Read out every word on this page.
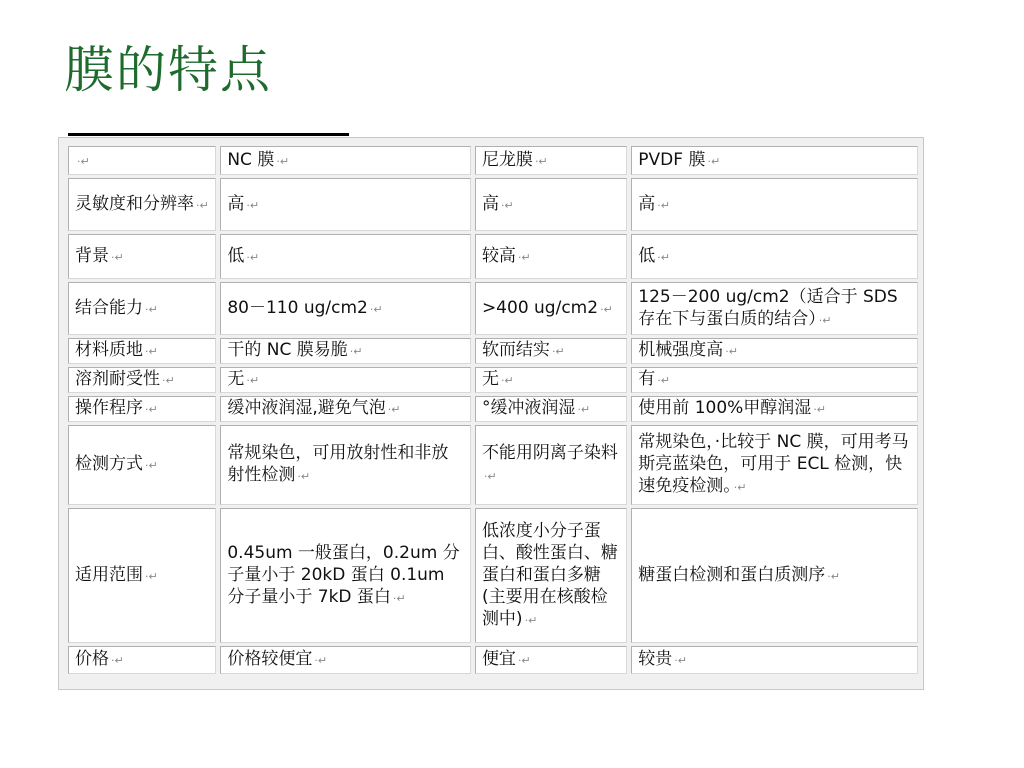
膜的特点
·↵	NC 膜 ·↵	尼龙膜 ·↵	PVDF 膜 ·↵
灵敏度和分辨率 ·↵	高 ·↵	高 ·↵	高 ·↵
背景 ·↵	低 ·↵	较高 ·↵	低 ·↵
结合能力 ·↵	80－110 ug/cm2 ·↵	>400 ug/cm2 ·↵	125－200 ug/cm2（适合于 SDS 存在下与蛋白质的结合） ·↵
材料质地 ·↵	干的 NC 膜易脆 ·↵	软而结实 ·↵	机械强度高 ·↵
溶剂耐受性 ·↵	无 ·↵	无 ·↵	有 ·↵
操作程序 ·↵	缓冲液润湿,避免气泡 ·↵	°缓冲液润湿 ·↵	使用前 100%甲醇润湿 ·↵
检测方式 ·↵	常规染色，可用放射性和非放射性检测 ·↵	不能用阴离子染料·↵	常规染色，·比较于 NC 膜，可用考马斯亮蓝染色，可用于 ECL 检测，快速免疫检测。 ·↵
适用范围 ·↵	0.45um 一般蛋白，0.2um 分子量小于 20kD 蛋白 0.1um 分子量小于 7kD 蛋白 ·↵	低浓度小分子蛋白、酸性蛋白、糖蛋白和蛋白多糖(主要用在核酸检测中) ·↵	糖蛋白检测和蛋白质测序 ·↵
价格 ·↵	价格较便宜 ·↵	便宜 ·↵	较贵 ·↵
